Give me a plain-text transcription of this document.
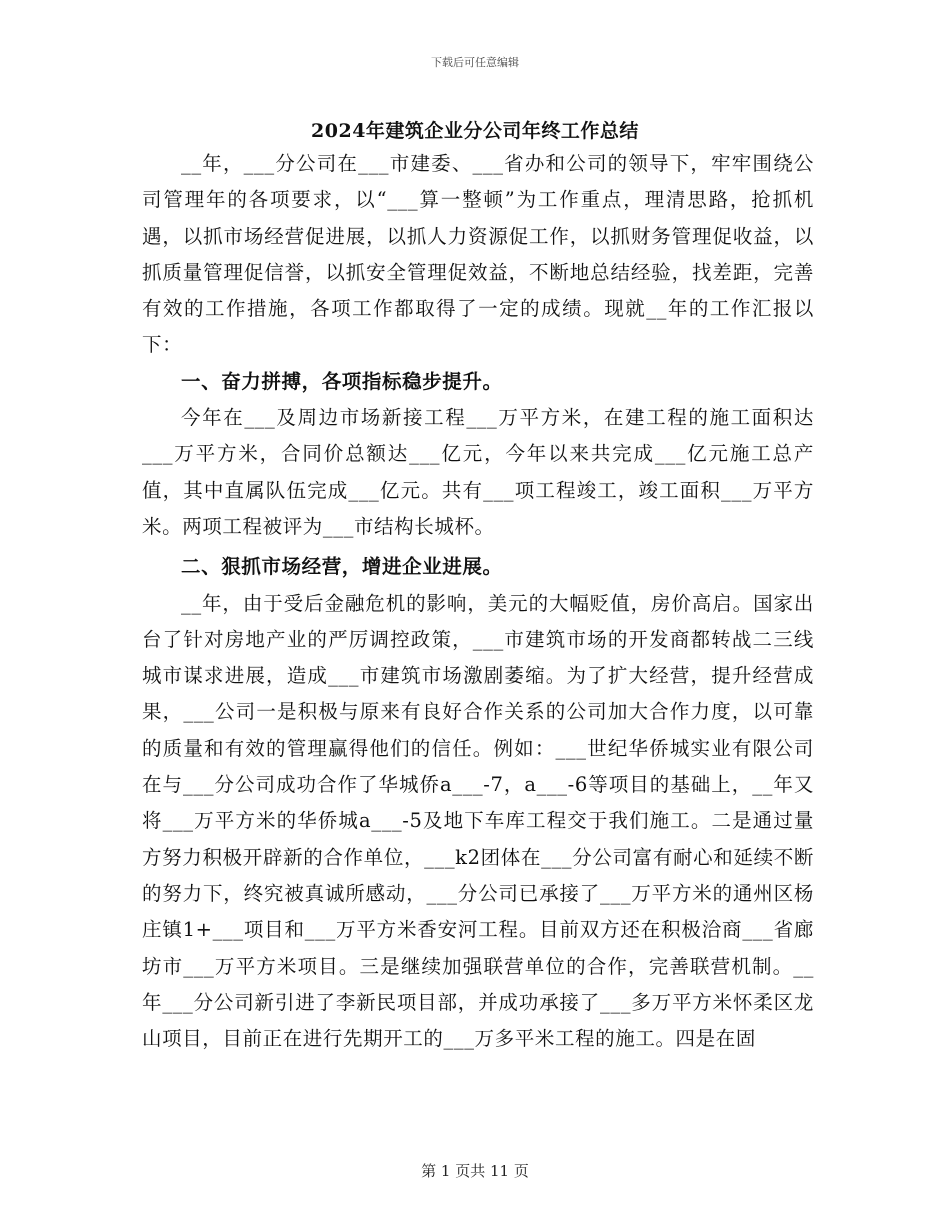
下载后可任意编辑
2024年建筑企业分公司年终工作总结

__年，___分公司在___市建委、___省办和公司的领导下，牢牢围绕公司管理年的各项要求，以“___算一整顿”为工作重点，理清思路，抢抓机遇，以抓市场经营促进展，以抓人力资源促工作，以抓财务管理促收益，以抓质量管理促信誉，以抓安全管理促效益，不断地总结经验，找差距，完善有效的工作措施，各项工作都取得了一定的成绩。现就__年的工作汇报以下：

一、奋力拼搏，各项指标稳步提升。

今年在___及周边市场新接工程___万平方米，在建工程的施工面积达___万平方米，合同价总额达___亿元，今年以来共完成___亿元施工总产值，其中直属队伍完成___亿元。共有___项工程竣工，竣工面积___万平方米。两项工程被评为___市结构长城杯。

二、狠抓市场经营，增进企业进展。

__年，由于受后金融危机的影响，美元的大幅贬值，房价高启。国家出台了针对房地产业的严厉调控政策，___市建筑市场的开发商都转战二三线城市谋求进展，造成___市建筑市场激剧萎缩。为了扩大经营，提升经营成果，___公司一是积极与原来有良好合作关系的公司加大合作力度，以可靠的质量和有效的管理赢得他们的信任。例如：___世纪华侨城实业有限公司在与___分公司成功合作了华城侨a___-7，a___-6等项目的基础上，__年又将___万平方米的华侨城a___-5及地下车库工程交于我们施工。二是通过量方努力积极开辟新的合作单位，___k2团体在___分公司富有耐心和延续不断的努力下，终究被真诚所感动，___分公司已承接了___万平方米的通州区杨庄镇1+___项目和___万平方米香安河工程。目前双方还在积极洽商___省廊坊市___万平方米项目。三是继续加强联营单位的合作，完善联营机制。__年___分公司新引进了李新民项目部，并成功承接了___多万平方米怀柔区龙山项目，目前正在进行先期开工的___万多平米工程的施工。四是在固

第 1 页共 11 页
